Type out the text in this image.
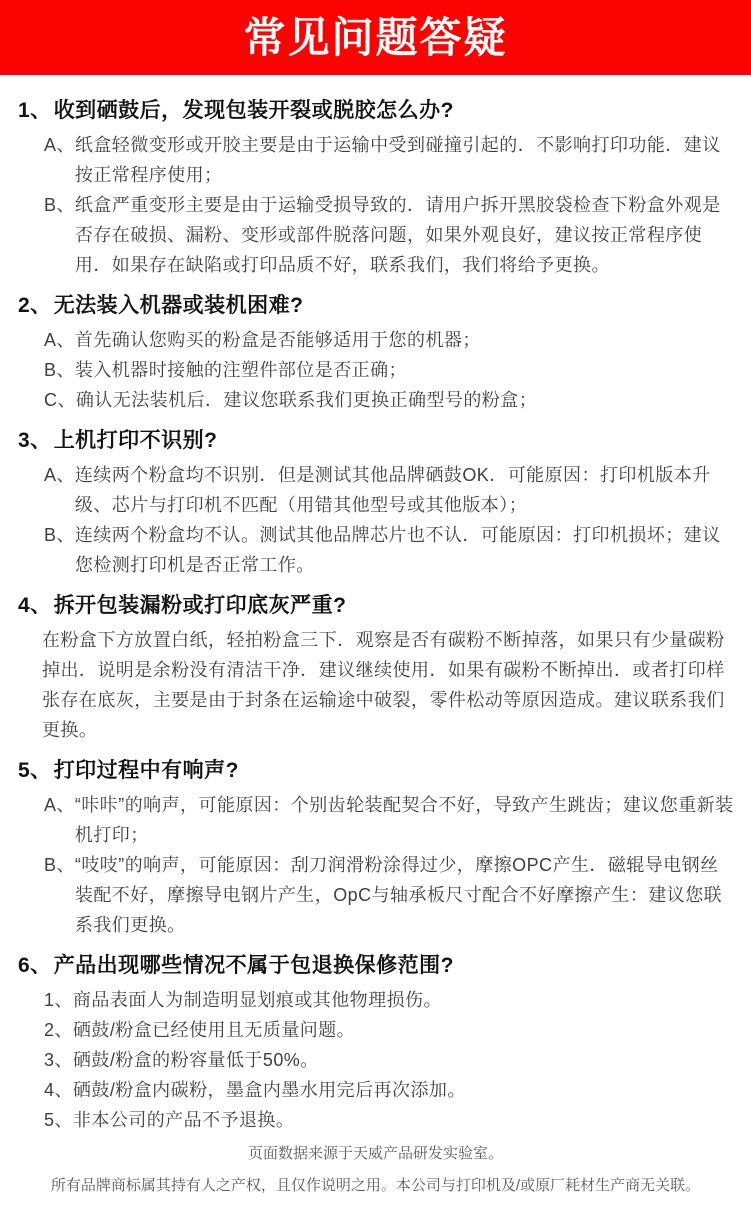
常见问题答疑
1、 收到硒鼓后，发现包装开裂或脱胶怎么办?
A、 纸盒轻微变形或开胶主要是由于运输中受到碰撞引起的．不影响打印功能．建议按正常程序使用；
B、 纸盒严重变形主要是由于运输受损导致的．请用户拆开黑胶袋检查下粉盒外观是否存在破损、漏粉、变形或部件脱落问题，如果外观良好，建议按正常程序使用．如果存在缺陷或打印品质不好，联系我们，我们将给予更换。
2、 无法装入机器或装机困难?
A、 首先确认您购买的粉盒是否能够适用于您的机器；
B、 装入机器时接触的注塑件部位是否正确；
C、 确认无法装机后．建议您联系我们更换正确型号的粉盒；
3、 上机打印不识别?
A、 连续两个粉盒均不识别．但是测试其他品牌硒鼓OK．可能原因：打印机版本升级、芯片与打印机不匹配（用错其他型号或其他版本）；
B、 连续两个粉盒均不认。测试其他品牌芯片也不认．可能原因：打印机损坏；建议您检测打印机是否正常工作。
4、 拆开包装漏粉或打印底灰严重?
在粉盒下方放置白纸，轻拍粉盒三下．观察是否有碳粉不断掉落，如果只有少量碳粉掉出．说明是余粉没有清洁干净．建议继续使用．如果有碳粉不断掉出．或者打印样张存在底灰，主要是由于封条在运输途中破裂，零件松动等原因造成。建议联系我们更换。
5、 打印过程中有响声?
A、 “咔咔”的响声，可能原因：个别齿轮装配契合不好，导致产生跳齿；建议您重新装机打印；
B、 “吱吱”的响声，可能原因：刮刀润滑粉涂得过少，摩擦OPC产生．磁辊导电钢丝装配不好，摩擦导电钢片产生，OpC与轴承板尺寸配合不好摩擦产生：建议您联系我们更换。
6、 产品出现哪些情况不属于包退换保修范围?
1、 商品表面人为制造明显划痕或其他物理损伤。
2、 硒鼓/粉盒已经使用且无质量问题。
3、 硒鼓/粉盒的粉容量低于50%。
4、 硒鼓/粉盒内碳粉，墨盒内墨水用完后再次添加。
5、 非本公司的产品不予退换。

页面数据来源于天威产品研发实验室。

所有品牌商标属其持有人之产权，且仅作说明之用。本公司与打印机及/或原厂耗材生产商无关联。
